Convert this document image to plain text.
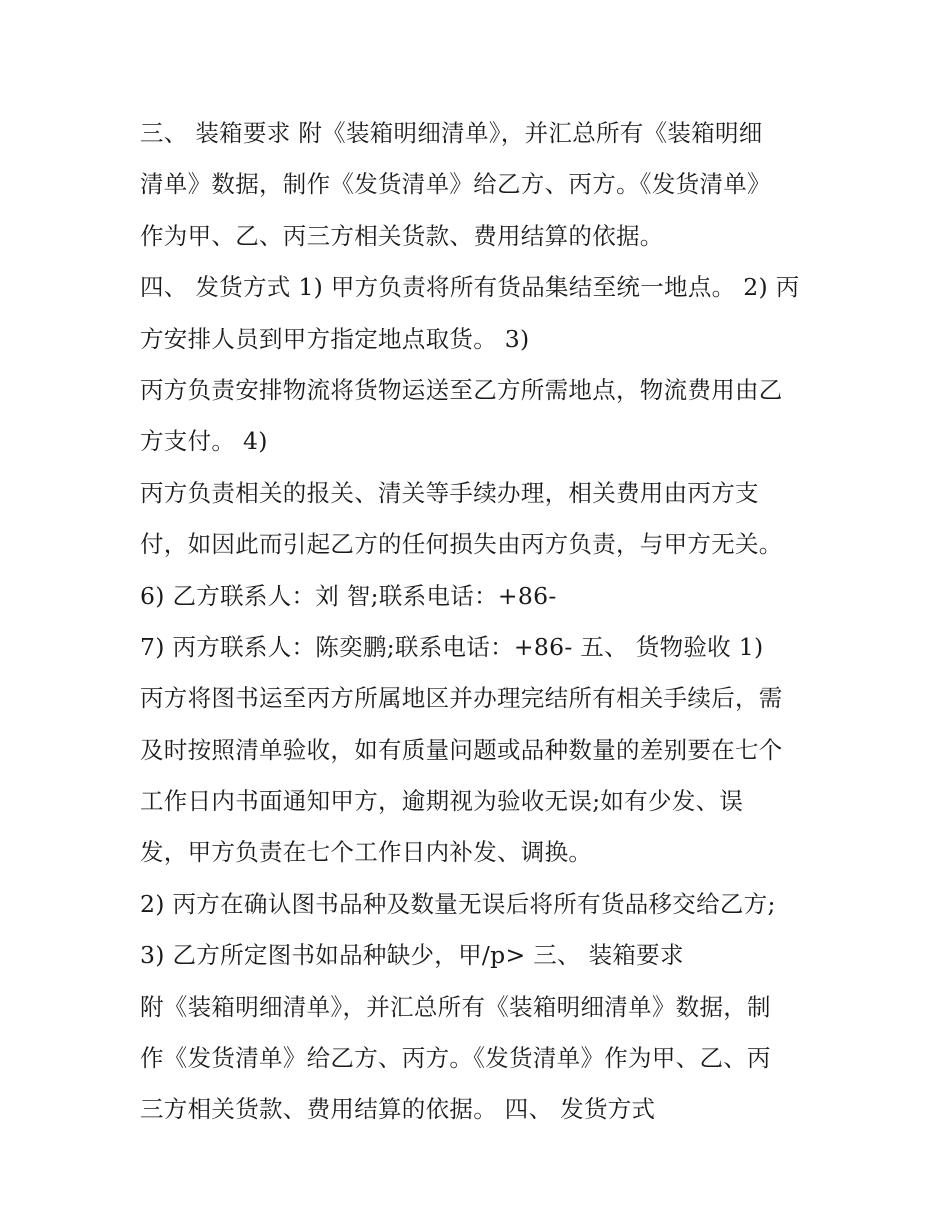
三、 装箱要求 附《装箱明细清单》，并汇总所有《装箱明细
清单》数据，制作《发货清单》给乙方、丙方。《发货清单》
作为甲、乙、丙三方相关货款、费用结算的依据。
四、 发货方式 1) 甲方负责将所有货品集结至统一地点。 2) 丙
方安排人员到甲方指定地点取货。 3)
丙方负责安排物流将货物运送至乙方所需地点，物流费用由乙
方支付。 4)
丙方负责相关的报关、清关等手续办理，相关费用由丙方支
付，如因此而引起乙方的任何损失由丙方负责，与甲方无关。
6) 乙方联系人：刘 智;联系电话：+86-
7) 丙方联系人：陈奕鹏;联系电话：+86- 五、 货物验收 1)
丙方将图书运至丙方所属地区并办理完结所有相关手续后，需
及时按照清单验收，如有质量问题或品种数量的差别要在七个
工作日内书面通知甲方，逾期视为验收无误;如有少发、误
发，甲方负责在七个工作日内补发、调换。
2) 丙方在确认图书品种及数量无误后将所有货品移交给乙方;
3) 乙方所定图书如品种缺少，甲/p> 三、 装箱要求
附《装箱明细清单》，并汇总所有《装箱明细清单》数据，制
作《发货清单》给乙方、丙方。《发货清单》作为甲、乙、丙
三方相关货款、费用结算的依据。 四、 发货方式
